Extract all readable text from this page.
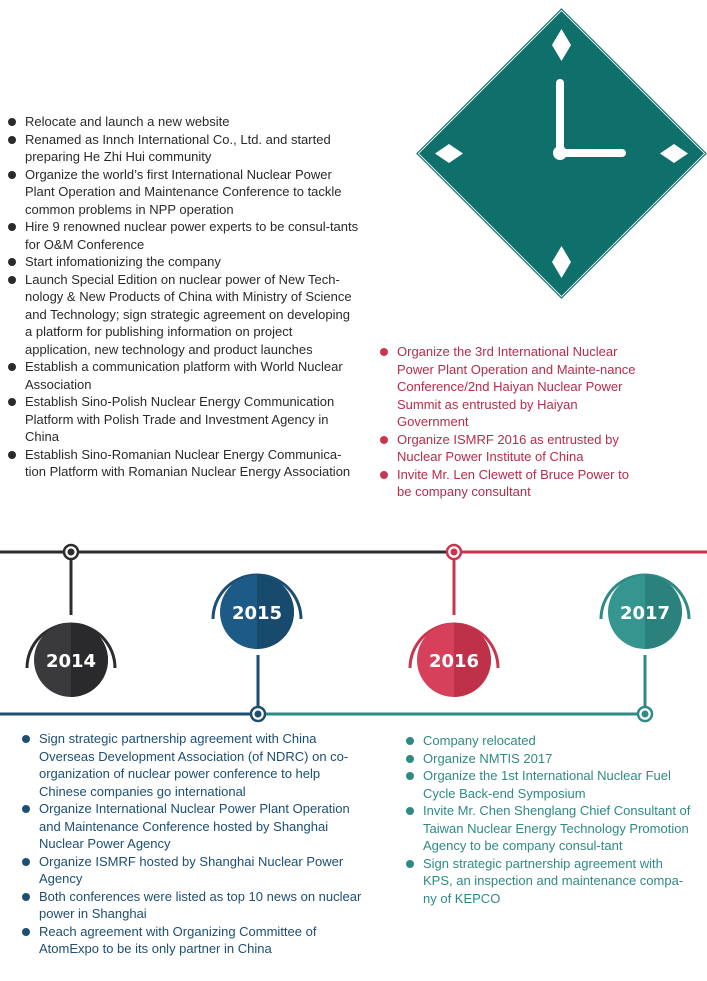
Relocate and launch a new website
Renamed as Innch International Co., Ltd. and started preparing He Zhi Hui community
Organize the world’s first International Nuclear Power Plant Operation and Maintenance Conference to tackle common problems in NPP operation
Hire 9 renowned nuclear power experts to be consul-tants for O&M Conference
Start infomationizing the company
Launch Special Edition on nuclear power of New Tech-nology & New Products of China with Ministry of Science and Technology; sign strategic agreement on developing a platform for publishing information on project application, new technology and product launches
Establish a communication platform with World Nuclear Association
Establish Sino-Polish Nuclear Energy Communication Platform with Polish Trade and Investment Agency in China
Establish Sino-Romanian Nuclear Energy Communica-tion Platform with Romanian Nuclear Energy Association
Organize the 3rd International Nuclear Power Plant Operation and Mainte-nance Conference/2nd Haiyan Nuclear Power Summit as entrusted by Haiyan Government
Organize ISMRF 2016 as entrusted by Nuclear Power Institute of China
Invite Mr. Len Clewett of Bruce Power to be company consultant
2014
2015
2016
2017
Sign strategic partnership agreement with China Overseas Development Association (of NDRC) on co-organization of nuclear power conference to help Chinese companies go international
Organize International Nuclear Power Plant Operation and Maintenance Conference hosted by Shanghai Nuclear Power Agency
Organize ISMRF hosted by Shanghai Nuclear Power Agency
Both conferences were listed as top 10 news on nuclear power in Shanghai
Reach agreement with Organizing Committee of AtomExpo to be its only partner in China
Company relocated
Organize NMTIS 2017
Organize the 1st International Nuclear Fuel Cycle Back-end Symposium
Invite Mr. Chen Shenglang Chief Consultant of Taiwan Nuclear Energy Technology Promotion Agency to be company consul-tant
Sign strategic partnership agreement with KPS, an inspection and maintenance compa-ny of KEPCO
